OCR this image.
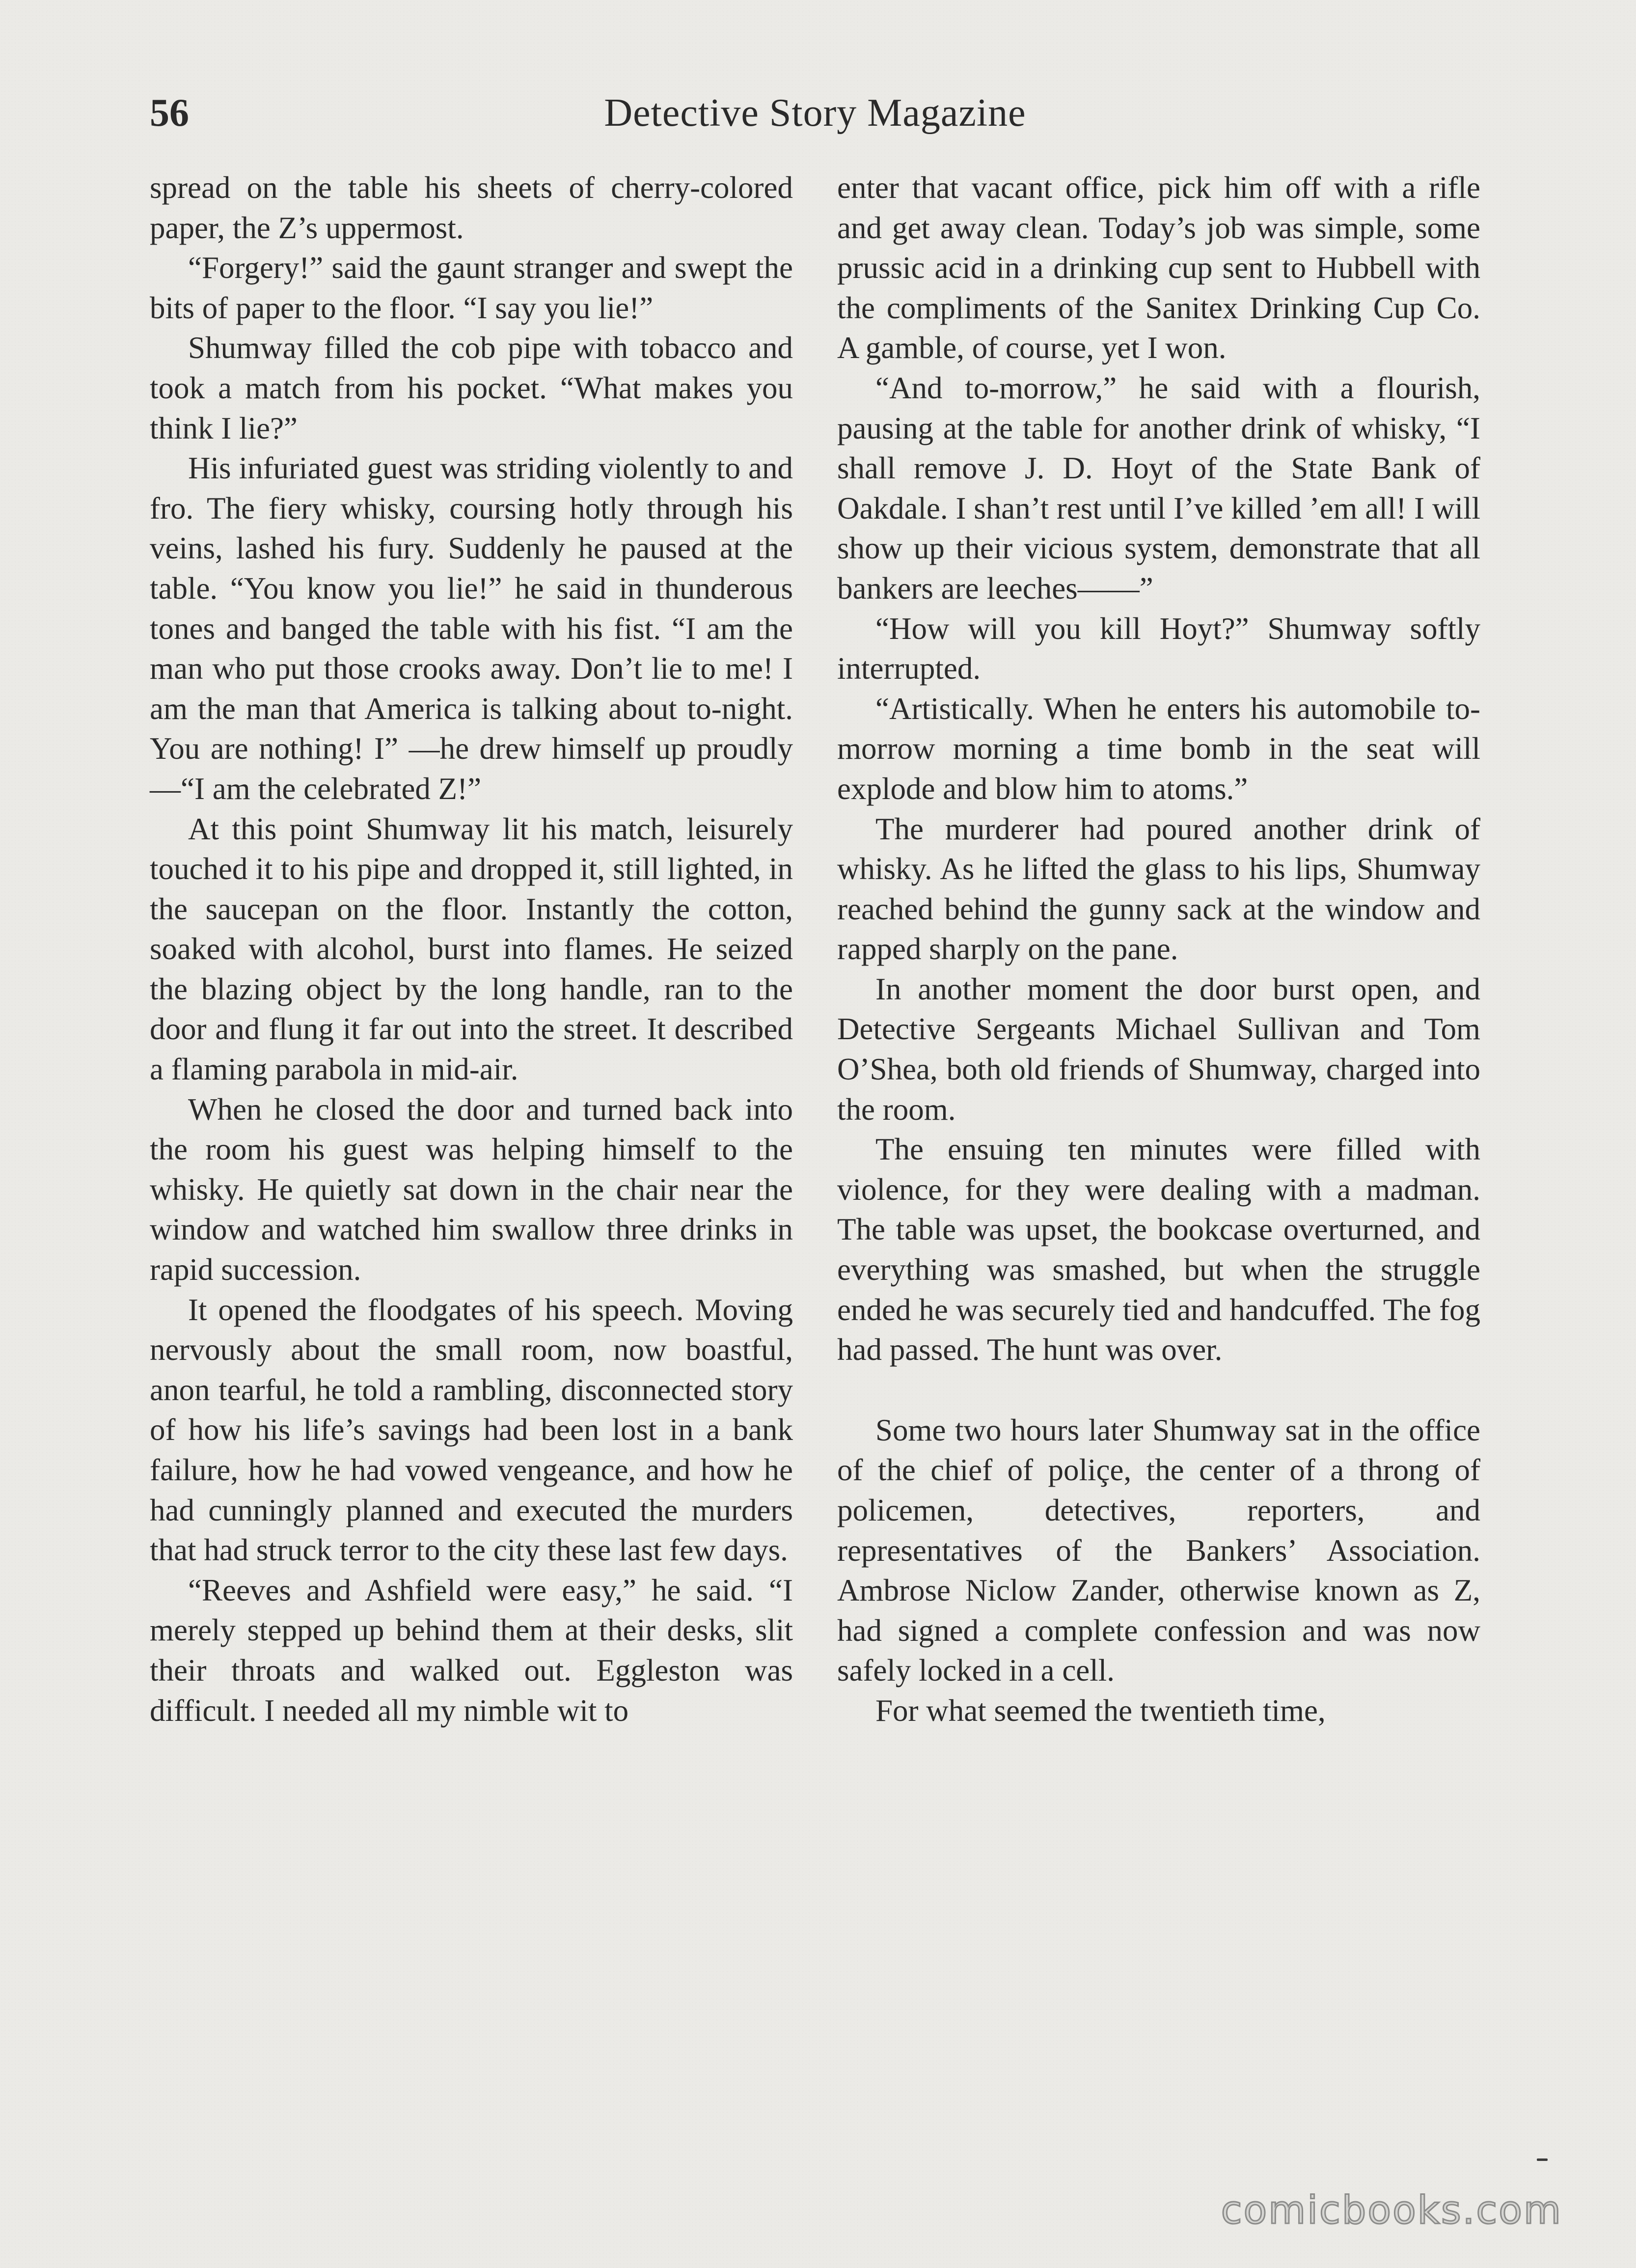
Detective Story Magazine
56

spread on the table his sheets of cherry-colored paper, the Z’s uppermost.

“Forgery!” said the gaunt stranger and swept the bits of paper to the floor. “I say you lie!”

Shumway filled the cob pipe with tobacco and took a match from his pocket. “What makes you think I lie?”

His infuriated guest was striding violently to and fro. The fiery whisky, coursing hotly through his veins, lashed his fury. Suddenly he paused at the table. “You know you lie!” he said in thunderous tones and banged the table with his fist. “I am the man who put those crooks away. Don’t lie to me! I am the man that America is talking about to-night. You are nothing! I” —he drew himself up proudly—“I am the celebrated Z!”

At this point Shumway lit his match, leisurely touched it to his pipe and dropped it, still lighted, in the saucepan on the floor. Instantly the cotton, soaked with alcohol, burst into flames. He seized the blazing object by the long handle, ran to the door and flung it far out into the street. It described a flaming parabola in mid-air.

When he closed the door and turned back into the room his guest was helping himself to the whisky. He quietly sat down in the chair near the window and watched him swallow three drinks in rapid succession.

It opened the floodgates of his speech. Moving nervously about the small room, now boastful, anon tearful, he told a rambling, disconnected story of how his life’s savings had been lost in a bank failure, how he had vowed vengeance, and how he had cunningly planned and executed the murders that had struck terror to the city these last few days.

“Reeves and Ashfield were easy,” he said. “I merely stepped up behind them at their desks, slit their throats and walked out. Eggleston was difficult. I needed all my nimble wit to

enter that vacant office, pick him off with a rifle and get away clean. Today’s job was simple, some prussic acid in a drinking cup sent to Hubbell with the compliments of the Sanitex Drinking Cup Co. A gamble, of course, yet I won.

“And to-morrow,” he said with a flourish, pausing at the table for another drink of whisky, “I shall remove J. D. Hoyt of the State Bank of Oakdale. I shan’t rest until I’ve killed ’em all! I will show up their vicious system, demonstrate that all bankers are leeches——”

“How will you kill Hoyt?” Shumway softly interrupted.

“Artistically. When he enters his automobile to-morrow morning a time bomb in the seat will explode and blow him to atoms.”

The murderer had poured another drink of whisky. As he lifted the glass to his lips, Shumway reached behind the gunny sack at the window and rapped sharply on the pane.

In another moment the door burst open, and Detective Sergeants Michael Sullivan and Tom O’Shea, both old friends of Shumway, charged into the room.

The ensuing ten minutes were filled with violence, for they were dealing with a madman. The table was upset, the bookcase overturned, and everything was smashed, but when the struggle ended he was securely tied and handcuffed. The fog had passed. The hunt was over.

Some two hours later Shumway sat in the office of the chief of poliçe, the center of a throng of policemen, detectives, reporters, and representatives of the Bankers’ Association. Ambrose Niclow Zander, otherwise known as Z, had signed a complete confession and was now safely locked in a cell.

For what seemed the twentieth time,

comicbooks.com
